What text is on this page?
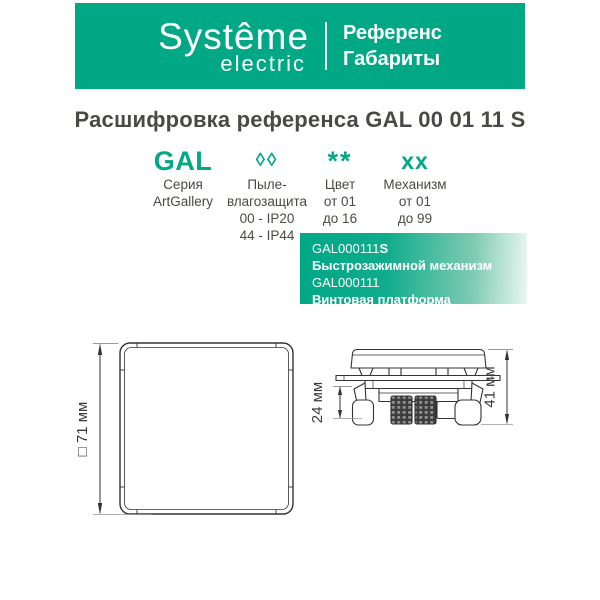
Systême
electric
Референс
Габариты
Расшифровка референса GAL 00 01 11 S
GAL
Серия
ArtGallery
◊◊
Пыле-
влагозащита
00 - IP20
44 - IP44
**
Цвет
от 01
до 16
xx
Механизм
от 01
до 99
GAL000111S
Быстрозажимной механизм
GAL000111
Винтовая платформа
□ 71 мм	24 мм	41 мм
